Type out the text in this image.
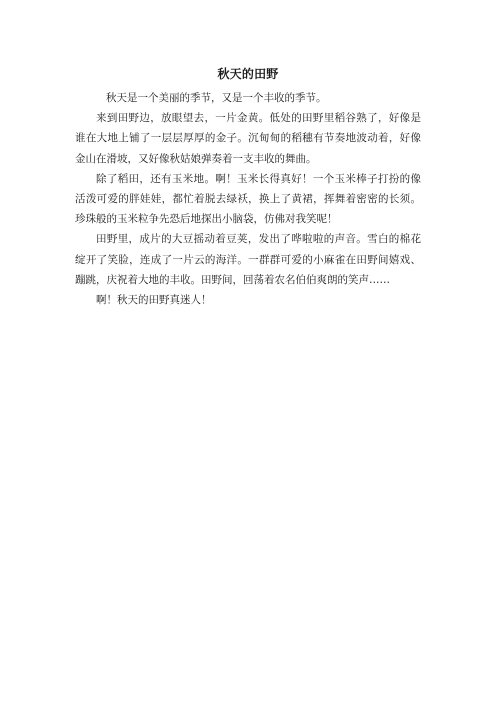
秋天的田野

秋天是一个美丽的季节，又是一个丰收的季节。

来到田野边，放眼望去，一片金黄。低处的田野里稻谷熟了，好像是谁在大地上铺了一层层厚厚的金子。沉甸甸的稻穗有节奏地波动着，好像金山在滑坡，又好像秋姑娘弹奏着一支丰收的舞曲。

除了稻田，还有玉米地。啊！玉米长得真好！一个玉米棒子打扮的像活泼可爱的胖娃娃，都忙着脱去绿袄，换上了黄裙，挥舞着密密的长须。珍珠般的玉米粒争先恐后地探出小脑袋，仿佛对我笑呢！

田野里，成片的大豆摇动着豆荚，发出了哗啦啦的声音。雪白的棉花绽开了笑脸，连成了一片云的海洋。一群群可爱的小麻雀在田野间嬉戏、蹦跳，庆祝着大地的丰收。田野间，回荡着农名伯伯爽朗的笑声……

啊！秋天的田野真迷人！
